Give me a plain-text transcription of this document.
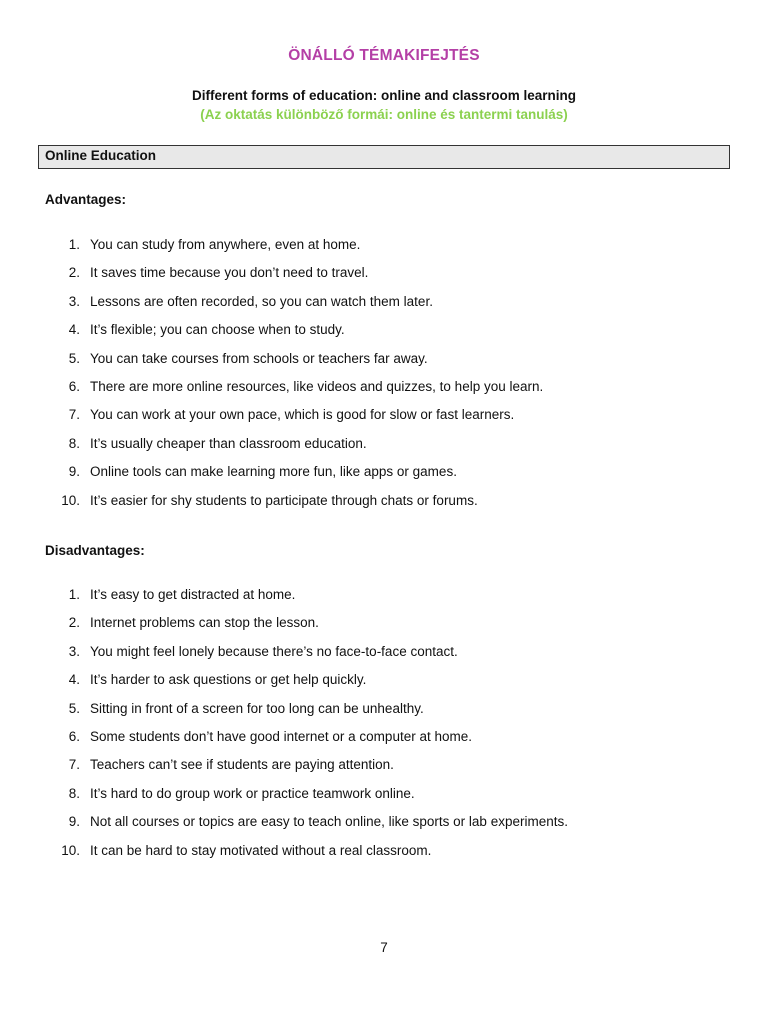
ÖNÁLLÓ TÉMAKIFEJTÉS
Different forms of education: online and classroom learning
(Az oktatás különböző formái: online és tantermi tanulás)
Online Education
Advantages:
1. You can study from anywhere, even at home.
2. It saves time because you don’t need to travel.
3. Lessons are often recorded, so you can watch them later.
4. It’s flexible; you can choose when to study.
5. You can take courses from schools or teachers far away.
6. There are more online resources, like videos and quizzes, to help you learn.
7. You can work at your own pace, which is good for slow or fast learners.
8. It’s usually cheaper than classroom education.
9. Online tools can make learning more fun, like apps or games.
10. It’s easier for shy students to participate through chats or forums.
Disadvantages:
1. It’s easy to get distracted at home.
2. Internet problems can stop the lesson.
3. You might feel lonely because there’s no face-to-face contact.
4. It’s harder to ask questions or get help quickly.
5. Sitting in front of a screen for too long can be unhealthy.
6. Some students don’t have good internet or a computer at home.
7. Teachers can’t see if students are paying attention.
8. It’s hard to do group work or practice teamwork online.
9. Not all courses or topics are easy to teach online, like sports or lab experiments.
10. It can be hard to stay motivated without a real classroom.
7
